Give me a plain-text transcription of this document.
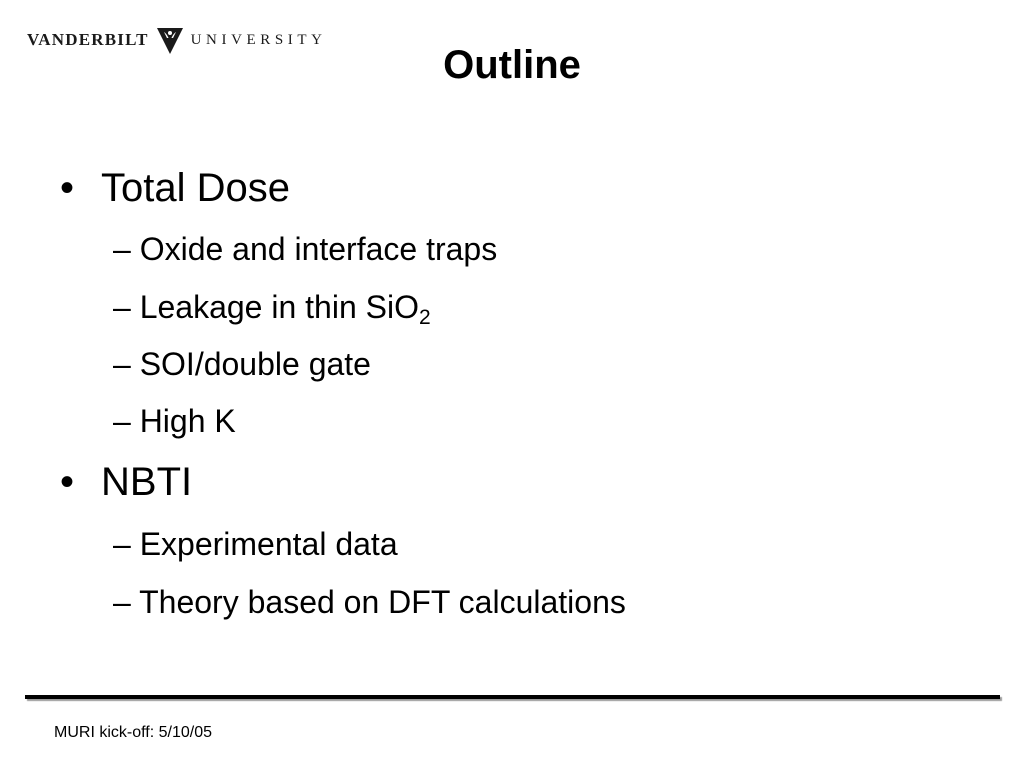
VANDERBILT	UNIVERSITY
Outline
• Total Dose
– Oxide and interface traps
– Leakage in thin SiO$_2$
– SOI/double gate
– High K
• NBTI
– Experimental data
– Theory based on DFT calculations
MURI kick-off: 5/10/05
